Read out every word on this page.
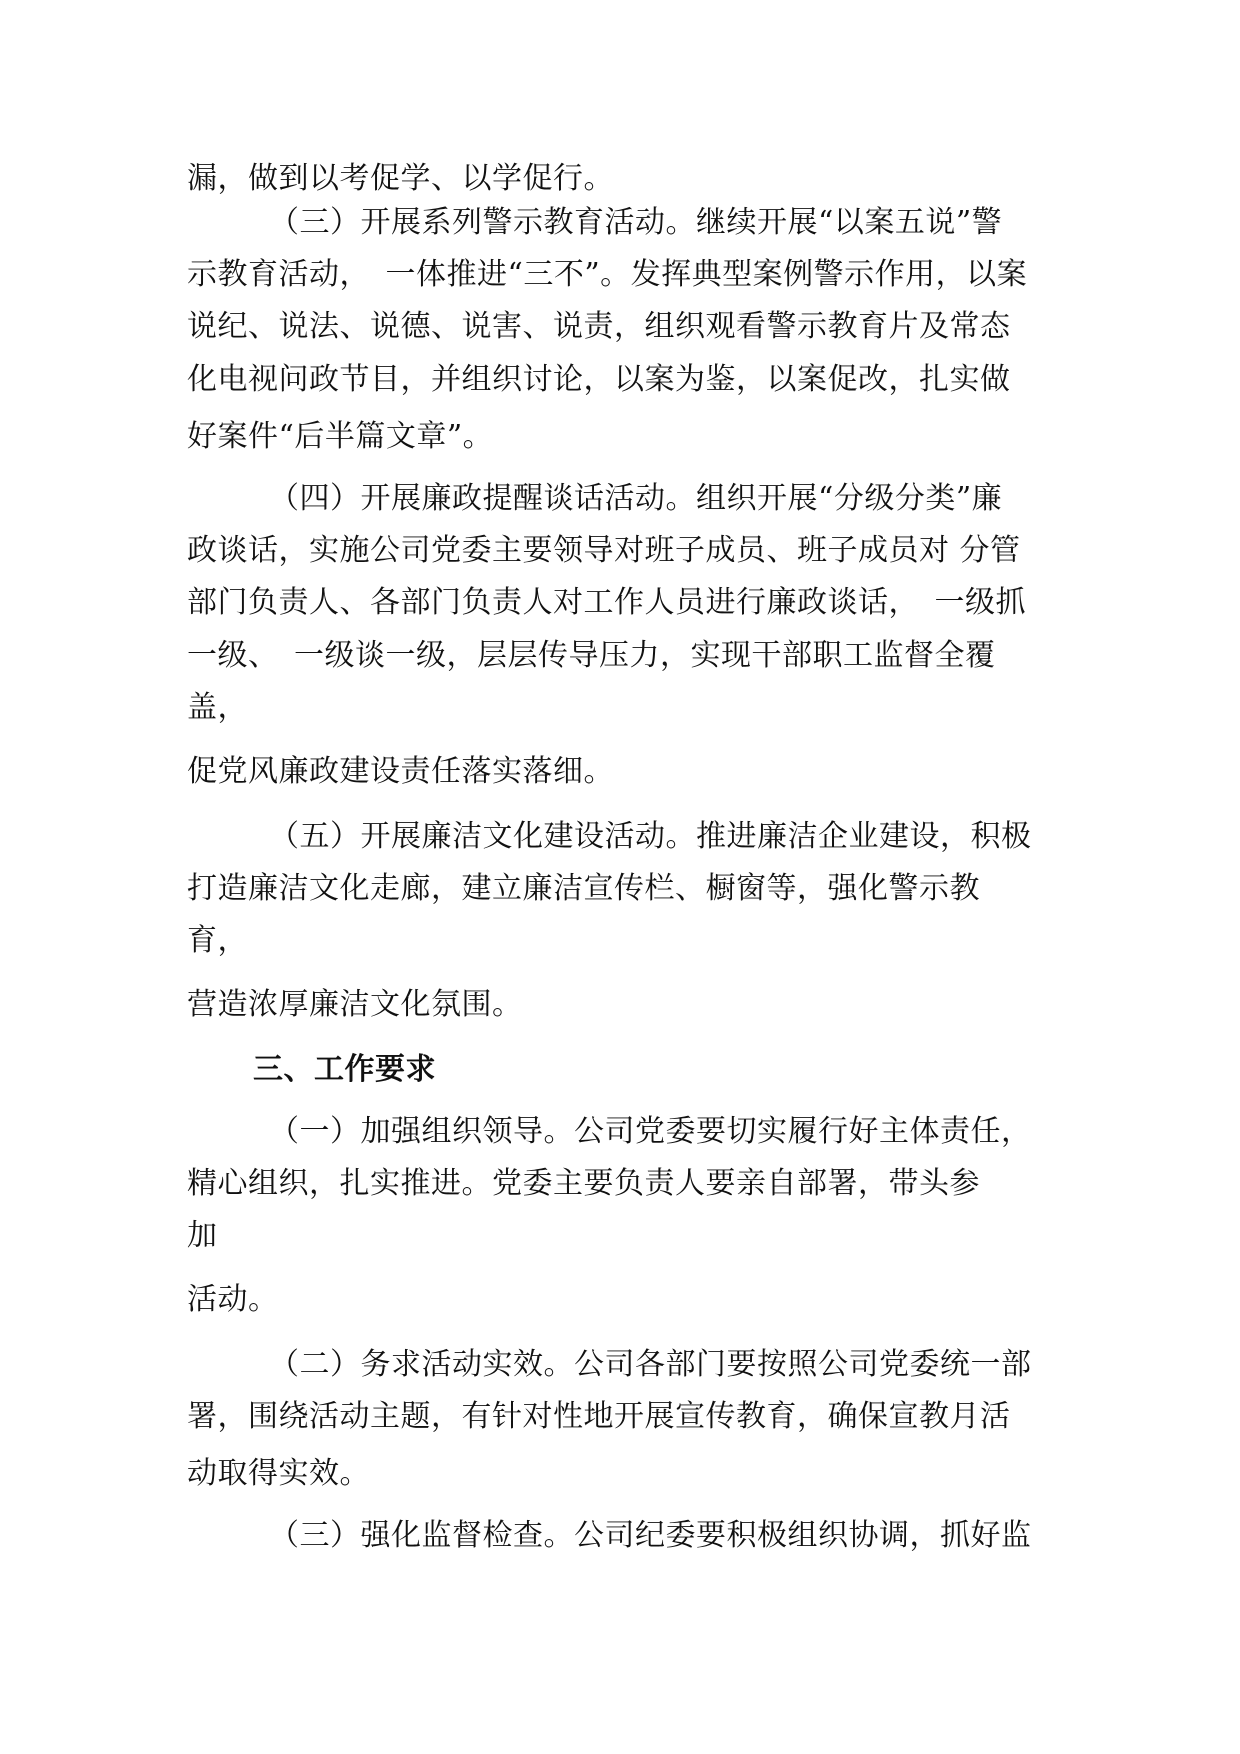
漏，做到以考促学、以学促行。
（三）开展系列警示教育活动。继续开展“以案五说”警
示教育活动，　一体推进“三不”。发挥典型案例警示作用，以案
说纪、说法、说德、说害、说责，组织观看警示教育片及常态
化电视问政节目，并组织讨论，以案为鉴，以案促改，扎实做
好案件“后半篇文章”。
（四）开展廉政提醒谈话活动。组织开展“分级分类”廉
政谈话，实施公司党委主要领导对班子成员、班子成员对 分管
部门负责人、各部门负责人对工作人员进行廉政谈话，　一级抓
一级、　一级谈一级，层层传导压力，实现干部职工监督全覆
盖，
促党风廉政建设责任落实落细。
（五）开展廉洁文化建设活动。推进廉洁企业建设，积极
打造廉洁文化走廊，建立廉洁宣传栏、橱窗等，强化警示教
育，
营造浓厚廉洁文化氛围。
三、工作要求
（一）加强组织领导。公司党委要切实履行好主体责任，
精心组织，扎实推进。党委主要负责人要亲自部署，带头参
加
活动。
（二）务求活动实效。公司各部门要按照公司党委统一部
署，围绕活动主题，有针对性地开展宣传教育，确保宣教月活
动取得实效。
（三）强化监督检查。公司纪委要积极组织协调，抓好监
